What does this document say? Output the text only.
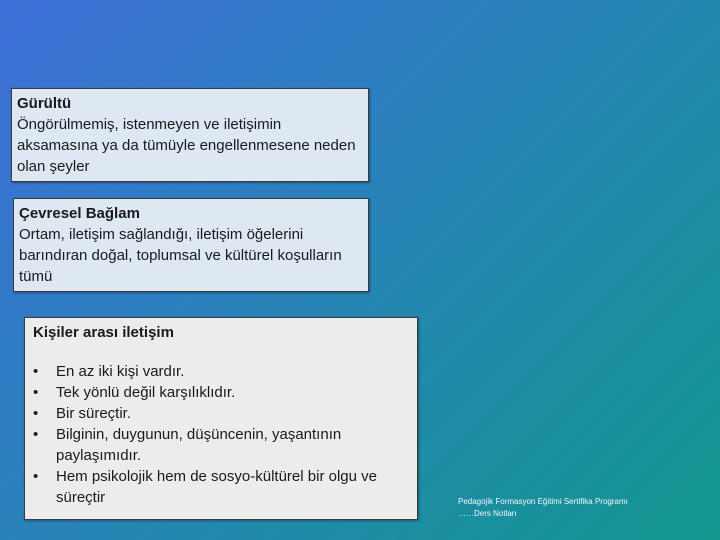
Gürültü
Öngörülmemiş, istenmeyen ve iletişimin aksamasına ya da tümüyle engellenmesene neden olan şeyler
Çevresel Bağlam
Ortam, iletişim sağlandığı, iletişim öğelerini barındıran doğal, toplumsal ve kültürel koşulların tümü
Kişiler arası iletişim
• En az iki kişi vardır.
• Tek yönlü değil karşılıklıdır.
• Bir süreçtir.
• Bilginin, duygunun, düşüncenin, yaşantının paylaşımıdır.
• Hem psikolojik hem de sosyo-kültürel bir olgu ve süreçtir	Pedagojik Formasyon Eğitimi Sertifika Programı
……Ders Notları
